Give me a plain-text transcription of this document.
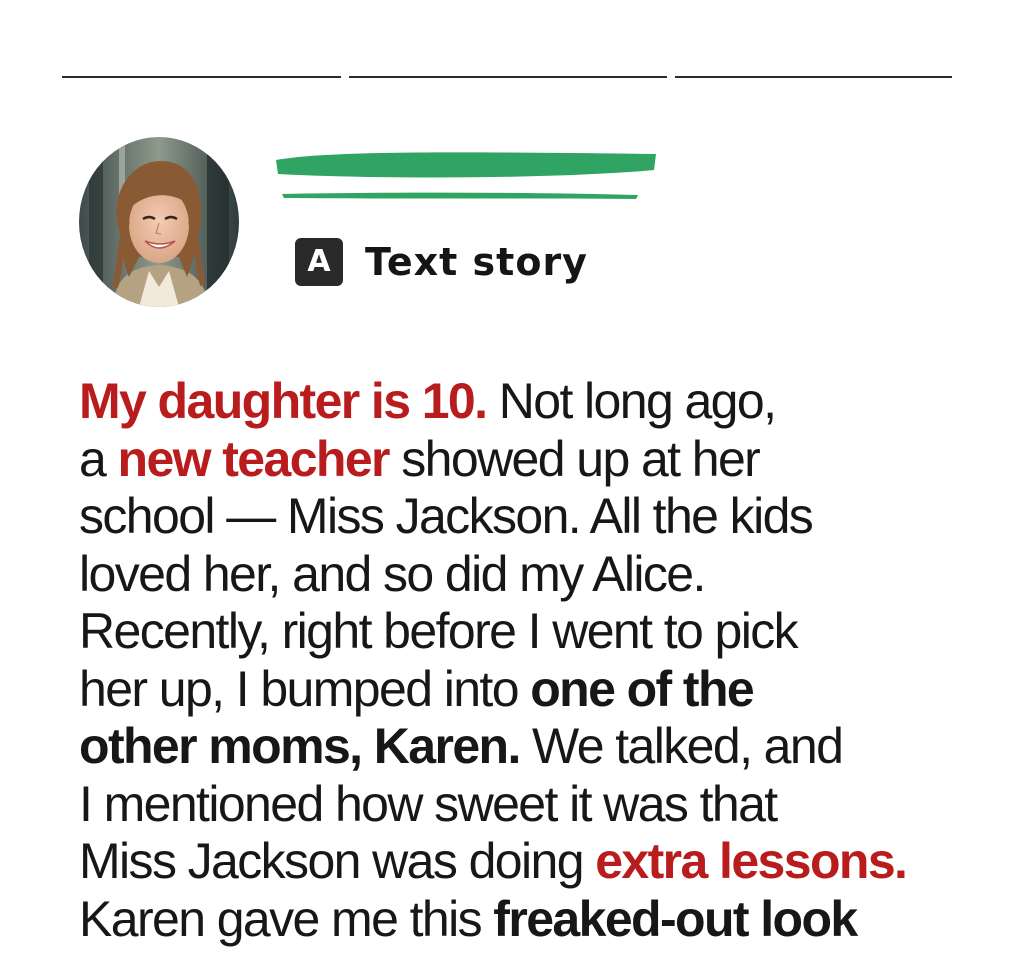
A Text story

My daughter is 10. Not long ago,
a new teacher showed up at her
school — Miss Jackson. All the kids
loved her, and so did my Alice.
Recently, right before I went to pick
her up, I bumped into one of the
other moms, Karen. We talked, and
I mentioned how sweet it was that
Miss Jackson was doing extra lessons.
Karen gave me this freaked-out look
